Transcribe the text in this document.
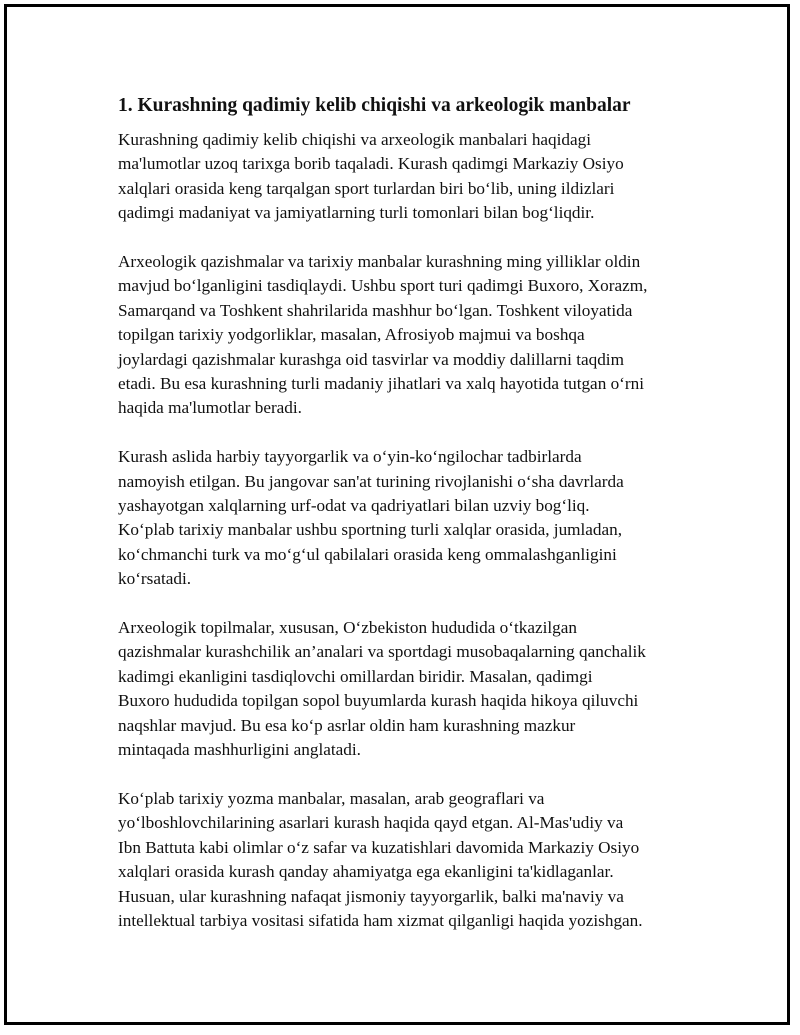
1. Kurashning qadimiy kelib chiqishi va arkeologik manbalar

Kurashning qadimiy kelib chiqishi va arxeologik manbalari haqidagi
ma'lumotlar uzoq tarixga borib taqaladi. Kurash qadimgi Markaziy Osiyo
xalqlari orasida keng tarqalgan sport turlardan biri bo‘lib, uning ildizlari
qadimgi madaniyat va jamiyatlarning turli tomonlari bilan bog‘liqdir.

Arxeologik qazishmalar va tarixiy manbalar kurashning ming yilliklar oldin
mavjud bo‘lganligini tasdiqlaydi. Ushbu sport turi qadimgi Buxoro, Xorazm,
Samarqand va Toshkent shahrilarida mashhur bo‘lgan. Toshkent viloyatida
topilgan tarixiy yodgorliklar, masalan, Afrosiyob majmui va boshqa
joylardagi qazishmalar kurashga oid tasvirlar va moddiy dalillarni taqdim
etadi. Bu esa kurashning turli madaniy jihatlari va xalq hayotida tutgan o‘rni
haqida ma'lumotlar beradi.

Kurash aslida harbiy tayyorgarlik va o‘yin-ko‘ngilochar tadbirlarda
namoyish etilgan. Bu jangovar san'at turining rivojlanishi o‘sha davrlarda
yashayotgan xalqlarning urf-odat va qadriyatlari bilan uzviy bog‘liq.
Ko‘plab tarixiy manbalar ushbu sportning turli xalqlar orasida, jumladan,
ko‘chmanchi turk va mo‘g‘ul qabilalari orasida keng ommalashganligini
ko‘rsatadi.

Arxeologik topilmalar, xususan, O‘zbekiston hududida o‘tkazilgan
qazishmalar kurashchilik an’analari va sportdagi musobaqalarning qanchalik
kadimgi ekanligini tasdiqlovchi omillardan biridir. Masalan, qadimgi
Buxoro hududida topilgan sopol buyumlarda kurash haqida hikoya qiluvchi
naqshlar mavjud. Bu esa ko‘p asrlar oldin ham kurashning mazkur
mintaqada mashhurligini anglatadi.

Ko‘plab tarixiy yozma manbalar, masalan, arab geograflari va
yo‘lboshlovchilarining asarlari kurash haqida qayd etgan. Al-Mas'udiy va
Ibn Battuta kabi olimlar o‘z safar va kuzatishlari davomida Markaziy Osiyo
xalqlari orasida kurash qanday ahamiyatga ega ekanligini ta'kidlaganlar.
Husuan, ular kurashning nafaqat jismoniy tayyorgarlik, balki ma'naviy va
intellektual tarbiya vositasi sifatida ham xizmat qilganligi haqida yozishgan.
